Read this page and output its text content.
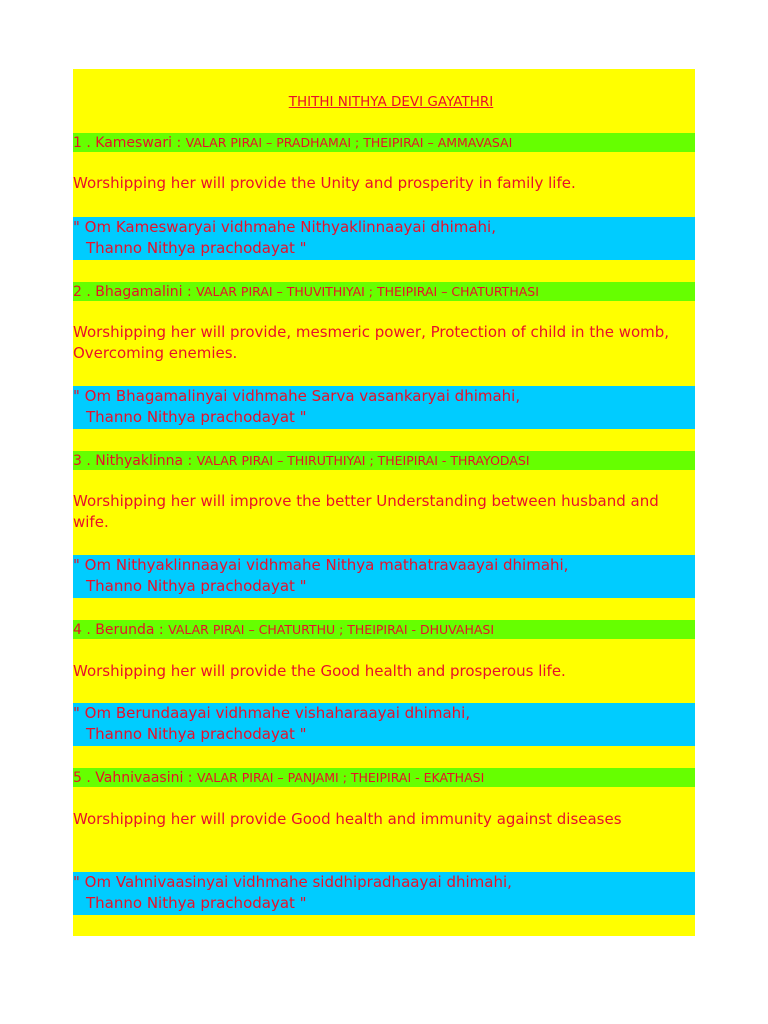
THITHI NITHYA DEVI GAYATHRI
1 . Kameswari : VALAR PIRAI – PRADHAMAI ; THEIPIRAI – AMMAVASAI
Worshipping her will provide the Unity and prosperity in family life.
" Om Kameswaryai vidhmahe Nithyaklinnaayai dhimahi,
Thanno Nithya prachodayat "
2 . Bhagamalini : VALAR PIRAI – THUVITHIYAI ; THEIPIRAI – CHATURTHASI
Worshipping her will provide, mesmeric power, Protection of child in the womb, Overcoming enemies.
" Om Bhagamalinyai vidhmahe Sarva vasankaryai dhimahi,
Thanno Nithya prachodayat "
3 . Nithyaklinna : VALAR PIRAI – THIRUTHIYAI ; THEIPIRAI - THRAYODASI
Worshipping her will improve the better Understanding between husband and wife.
" Om Nithyaklinnaayai vidhmahe Nithya mathatravaayai dhimahi,
Thanno Nithya prachodayat "
4 . Berunda : VALAR PIRAI – CHATURTHU ; THEIPIRAI - DHUVAHASI
Worshipping her will provide the Good health and prosperous life.
" Om Berundaayai vidhmahe vishaharaayai dhimahi,
Thanno Nithya prachodayat "
5 . Vahnivaasini : VALAR PIRAI – PANJAMI ; THEIPIRAI - EKATHASI
Worshipping her will provide Good health and immunity against diseases
" Om Vahnivaasinyai vidhmahe siddhipradhaayai dhimahi,
Thanno Nithya prachodayat "
